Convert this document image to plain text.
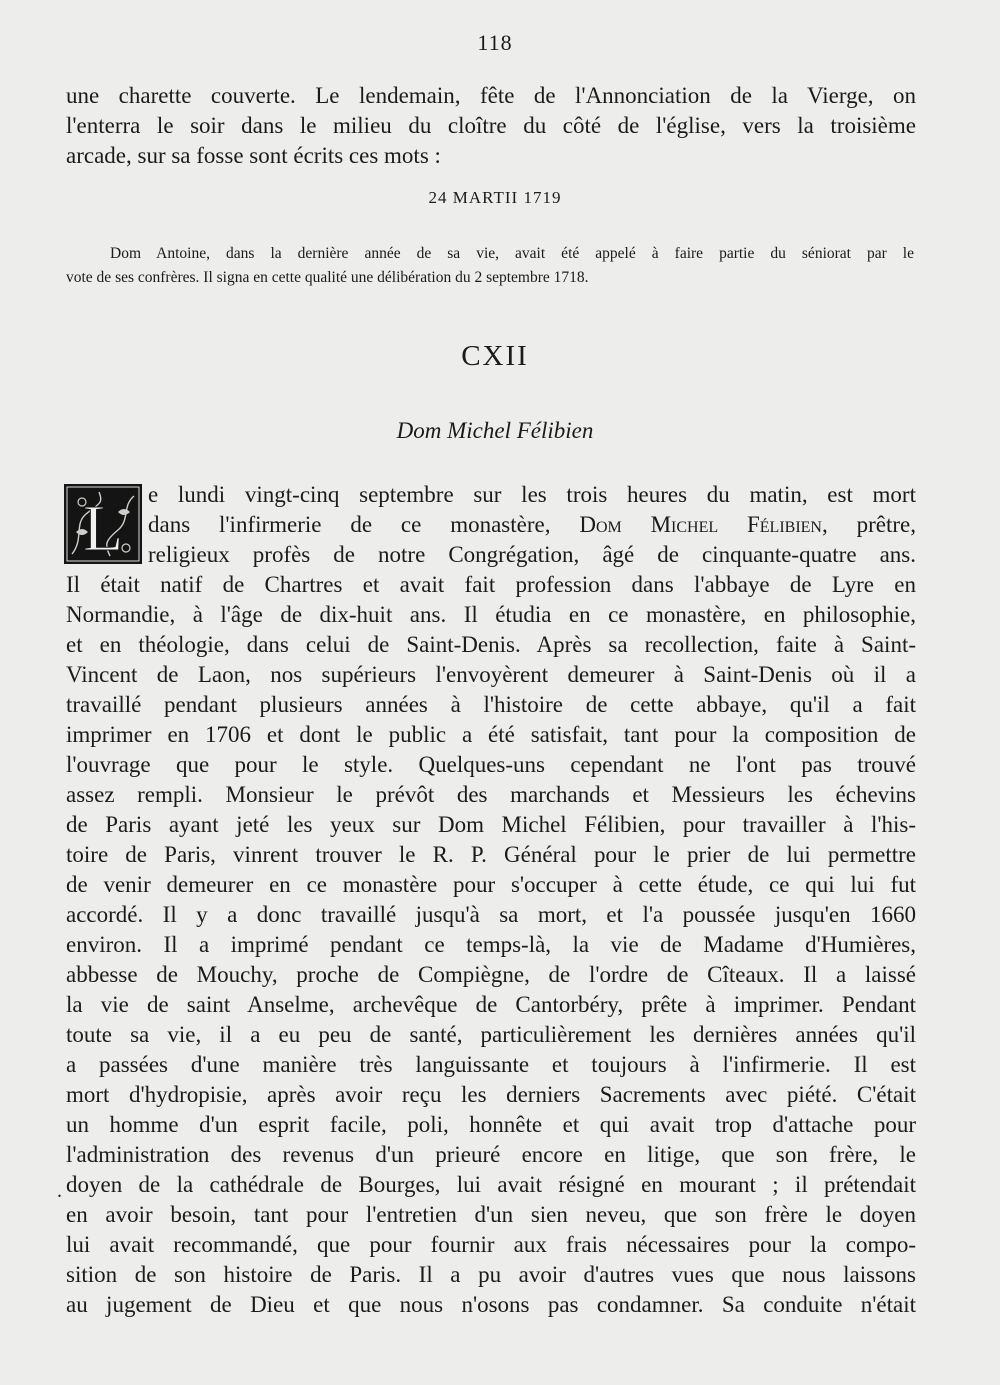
118
une charette couverte. Le lendemain, fête de l'Annonciation de la Vierge, on
l'enterra le soir dans le milieu du cloître du côté de l'église, vers la troisième
arcade, sur sa fosse sont écrits ces mots :
24 MARTII 1719
Dom Antoine, dans la dernière année de sa vie, avait été appelé à faire partie du séniorat par le
vote de ses confrères. Il signa en cette qualité une délibération du 2 septembre 1718.
CXII
Dom Michel Félibien
L e lundi vingt-cinq septembre sur les trois heures du matin, est mort
dans l'infirmerie de ce monastère, Dom Michel Félibien, prêtre,
religieux profès de notre Congrégation, âgé de cinquante-quatre ans.
Il était natif de Chartres et avait fait profession dans l'abbaye de Lyre en
Normandie, à l'âge de dix-huit ans. Il étudia en ce monastère, en philosophie,
et en théologie, dans celui de Saint-Denis. Après sa recollection, faite à Saint-
Vincent de Laon, nos supérieurs l'envoyèrent demeurer à Saint-Denis où il a
travaillé pendant plusieurs années à l'histoire de cette abbaye, qu'il a fait
imprimer en 1706 et dont le public a été satisfait, tant pour la composition de
l'ouvrage que pour le style. Quelques-uns cependant ne l'ont pas trouvé
assez rempli. Monsieur le prévôt des marchands et Messieurs les échevins
de Paris ayant jeté les yeux sur Dom Michel Félibien, pour travailler à l'his-
toire de Paris, vinrent trouver le R. P. Général pour le prier de lui permettre
de venir demeurer en ce monastère pour s'occuper à cette étude, ce qui lui fut
accordé. Il y a donc travaillé jusqu'à sa mort, et l'a poussée jusqu'en 1660
environ. Il a imprimé pendant ce temps-là, la vie de Madame d'Humières,
abbesse de Mouchy, proche de Compiègne, de l'ordre de Cîteaux. Il a laissé
la vie de saint Anselme, archevêque de Cantorbéry, prête à imprimer. Pendant
toute sa vie, il a eu peu de santé, particulièrement les dernières années qu'il
a passées d'une manière très languissante et toujours à l'infirmerie. Il est
mort d'hydropisie, après avoir reçu les derniers Sacrements avec piété. C'était
un homme d'un esprit facile, poli, honnête et qui avait trop d'attache pour
l'administration des revenus d'un prieuré encore en litige, que son frère, le
doyen de la cathédrale de Bourges, lui avait résigné en mourant ; il prétendait
en avoir besoin, tant pour l'entretien d'un sien neveu, que son frère le doyen
lui avait recommandé, que pour fournir aux frais nécessaires pour la compo-
sition de son histoire de Paris. Il a pu avoir d'autres vues que nous laissons
au jugement de Dieu et que nous n'osons pas condamner. Sa conduite n'était
.
